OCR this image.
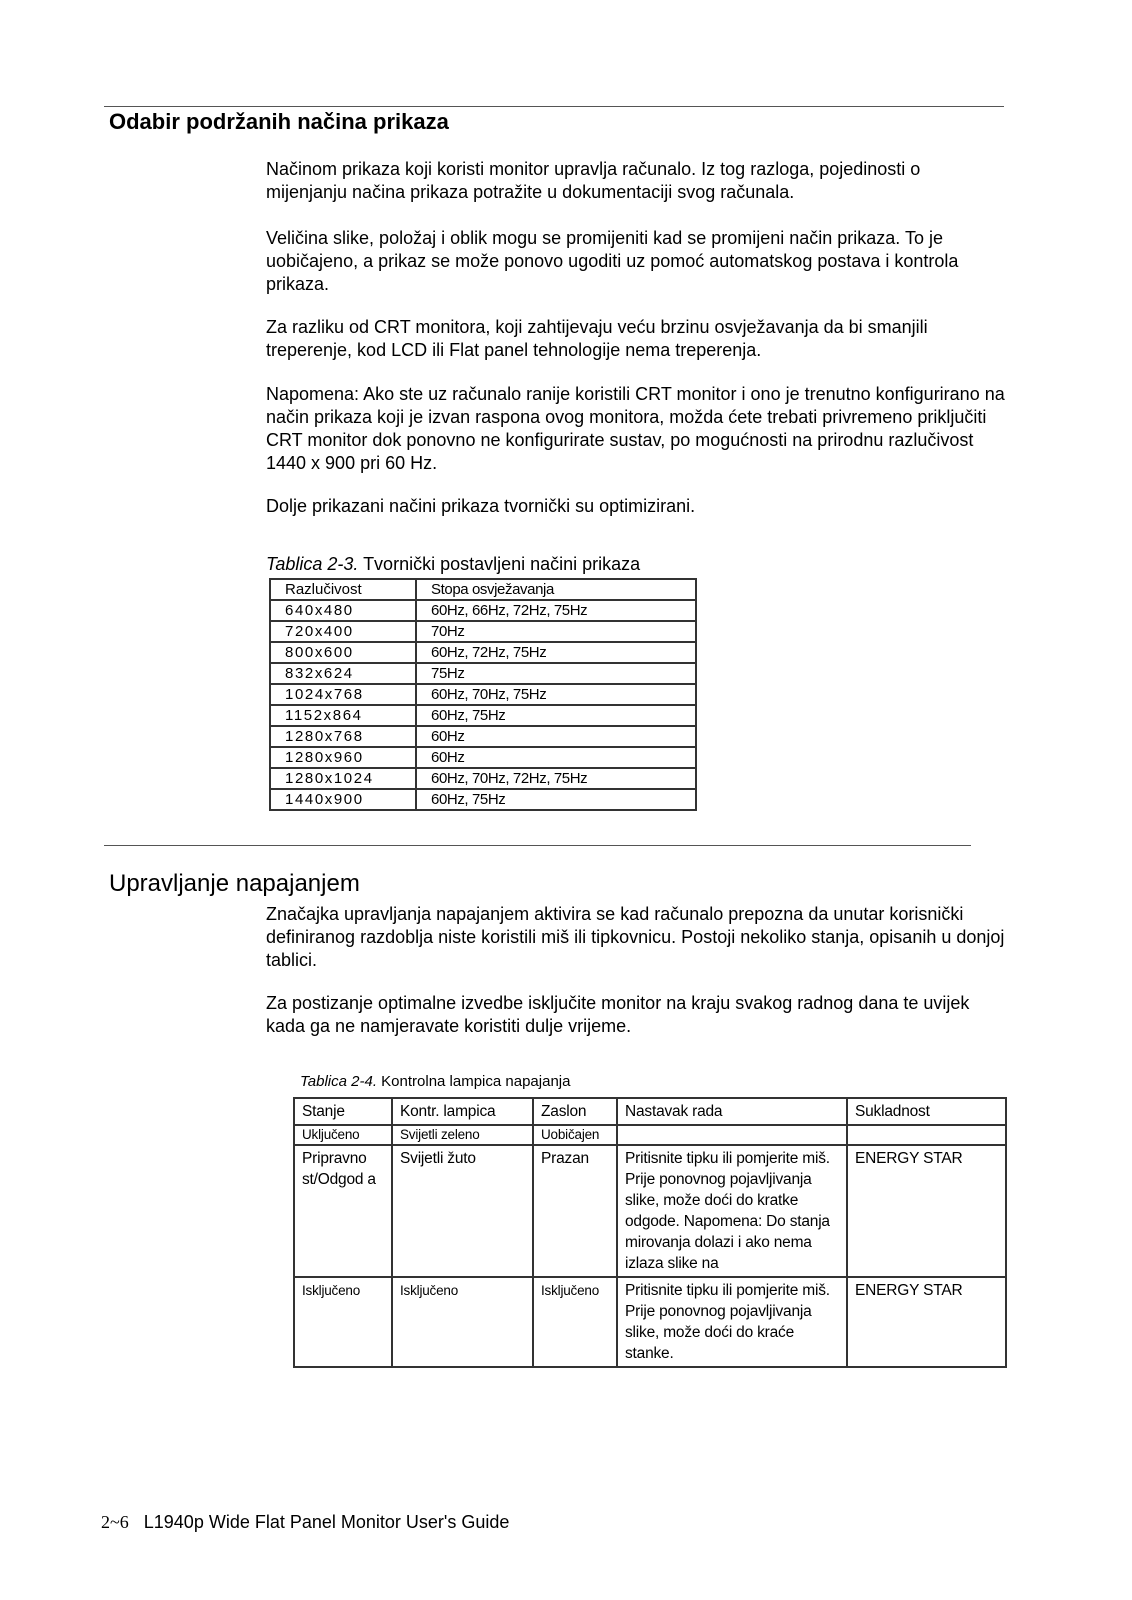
Odabir podržanih načina prikaza

Načinom prikaza koji koristi monitor upravlja računalo. Iz tog razloga, pojedinosti o mijenjanju načina prikaza potražite u dokumentaciji svog računala.

Veličina slike, položaj i oblik mogu se promijeniti kad se promijeni način prikaza. To je uobičajeno, a prikaz se može ponovo ugoditi uz pomoć automatskog postava i kontrola prikaza.

Za razliku od CRT monitora, koji zahtijevaju veću brzinu osvježavanja da bi smanjili treperenje, kod LCD ili Flat panel tehnologije nema treperenja.

Napomena: Ako ste uz računalo ranije koristili CRT monitor i ono je trenutno konfigurirano na način prikaza koji je izvan raspona ovog monitora, možda ćete trebati privremeno priključiti CRT monitor dok ponovno ne konfigurirate sustav, po mogućnosti na prirodnu razlučivost 1440 x 900 pri 60 Hz.

Dolje prikazani načini prikaza tvornički su optimizirani.

Tablica 2-3. Tvornički postavljeni načini prikaza

Razlučivost	Stopa osvježavanja
640x480	60Hz, 66Hz, 72Hz, 75Hz
720x400	70Hz
800x600	60Hz, 72Hz, 75Hz
832x624	75Hz
1024x768	60Hz, 70Hz, 75Hz
1152x864	60Hz, 75Hz
1280x768	60Hz
1280x960	60Hz
1280x1024	60Hz, 70Hz, 72Hz, 75Hz
1440x900	60Hz, 75Hz
Upravljanje napajanjem

Značajka upravljanja napajanjem aktivira se kad računalo prepozna da unutar korisnički definiranog razdoblja niste koristili miš ili tipkovnicu. Postoji nekoliko stanja, opisanih u donjoj tablici.

Za postizanje optimalne izvedbe isključite monitor na kraju svakog radnog dana te uvijek kada ga ne namjeravate koristiti dulje vrijeme.

Tablica 2-4. Kontrolna lampica napajanja

Stanje	Kontr. lampica	Zaslon	Nastavak rada	Sukladnost
Uključeno	Svijetli zeleno	Uobičajen		
Pripravno st/Odgod a	Svijetli žuto	Prazan	Pritisnite tipku ili pomjerite miš. Prije ponovnog pojavljivanja slike, može doći do kratke odgode. Napomena: Do stanja mirovanja dolazi i ako nema izlaza slike na	ENERGY STAR
Isključeno	Isključeno	Isključeno	Pritisnite tipku ili pomjerite miš. Prije ponovnog pojavljivanja slike, može doći do kraće stanke.	ENERGY STAR

2~6 L1940p Wide Flat Panel Monitor User's Guide
